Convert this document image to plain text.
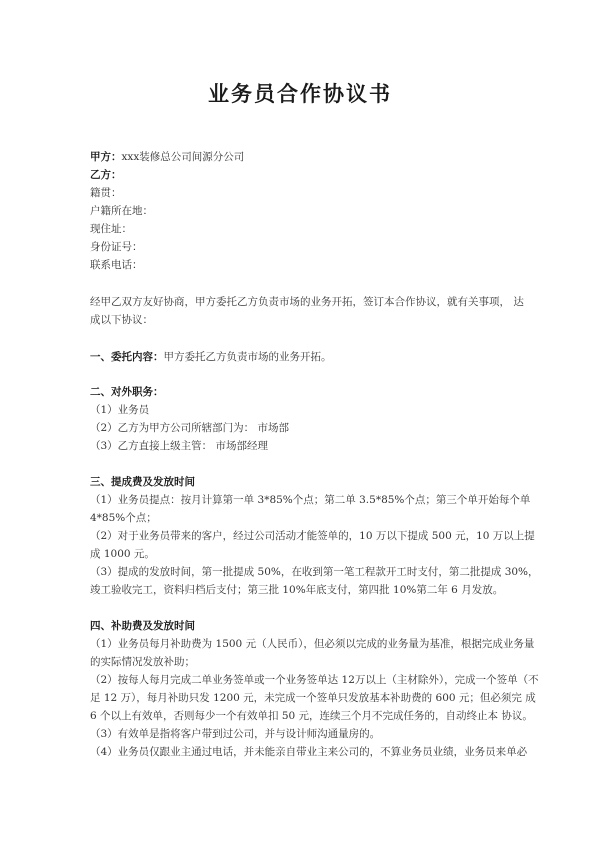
业务员合作协议书
甲方：xxx装修总公司间源分公司
乙方：
籍贯：
户籍所在地：
现住址：
身份证号：
联系电话：
经甲乙双方友好协商，甲方委托乙方负责市场的业务开拓，签订本合作协议，就有关事项， 达
成以下协议：
一、委托内容：甲方委托乙方负责市场的业务开拓。
二、对外职务：
（1）业务员
（2）乙方为甲方公司所辖部门为： 市场部
（3）乙方直接上级主管： 市场部经理
三、提成费及发放时间
（1）业务员提点：按月计算第一单 3*85%个点；第二单 3.5*85%个点；第三个单开始每个单
4*85%个点；
（2）对于业务员带来的客户，经过公司活动才能签单的，10 万以下提成 500 元，10 万以上提
成 1000 元。
（3）提成的发放时间，第一批提成 50%，在收到第一笔工程款开工时支付，第二批提成 30%，
竣工验收完工，资料归档后支付；第三批 10%年底支付，第四批 10%第二年 6 月发放。
四、补助费及发放时间
（1）业务员每月补助费为 1500 元（人民币），但必须以完成的业务量为基准，根据完成业务量
的实际情况发放补助；
（2）按每人每月完成二单业务签单或一个业务签单达 12万以上（主材除外），完成一个签单（不
足 12 万），每月补助只发 1200 元，未完成一个签单只发放基本补助费的 600 元；但必须完 成
6 个以上有效单，否则每少一个有效单扣 50 元，连续三个月不完成任务的，自动终止本 协议。
（3）有效单是指将客户带到过公司，并与设计师沟通量房的。
（4）业务员仅跟业主通过电话，并未能亲自带业主来公司的，不算业务员业绩，业务员来单必
